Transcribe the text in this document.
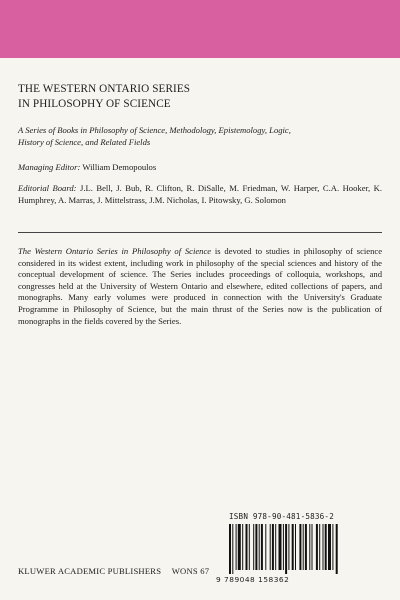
THE WESTERN ONTARIO SERIES
IN PHILOSOPHY OF SCIENCE
A Series of Books in Philosophy of Science, Methodology, Epistemology, Logic,
History of Science, and Related Fields
Managing Editor: William Demopoulos
Editorial Board: J.L. Bell, J. Bub, R. Clifton, R. DiSalle, M. Friedman, W. Harper, C.A. Hooker, K. Humphrey, A. Marras, J. Mittelstrass, J.M. Nicholas, I. Pitowsky, G. Solomon
The Western Ontario Series in Philosophy of Science is devoted to studies in philosophy of science considered in its widest extent, including work in philosophy of the special sciences and history of the conceptual development of science. The Series includes proceedings of colloquia, workshops, and congresses held at the University of Western Ontario and elsewhere, edited collections of papers, and monographs. Many early volumes were produced in connection with the University's Graduate Programme in Philosophy of Science, but the main thrust of the Series now is the publication of monographs in the fields covered by the Series.
ISBN 978-90-481-5836-2
9 789048 158362
KLUWER ACADEMIC PUBLISHERS WONS 67
